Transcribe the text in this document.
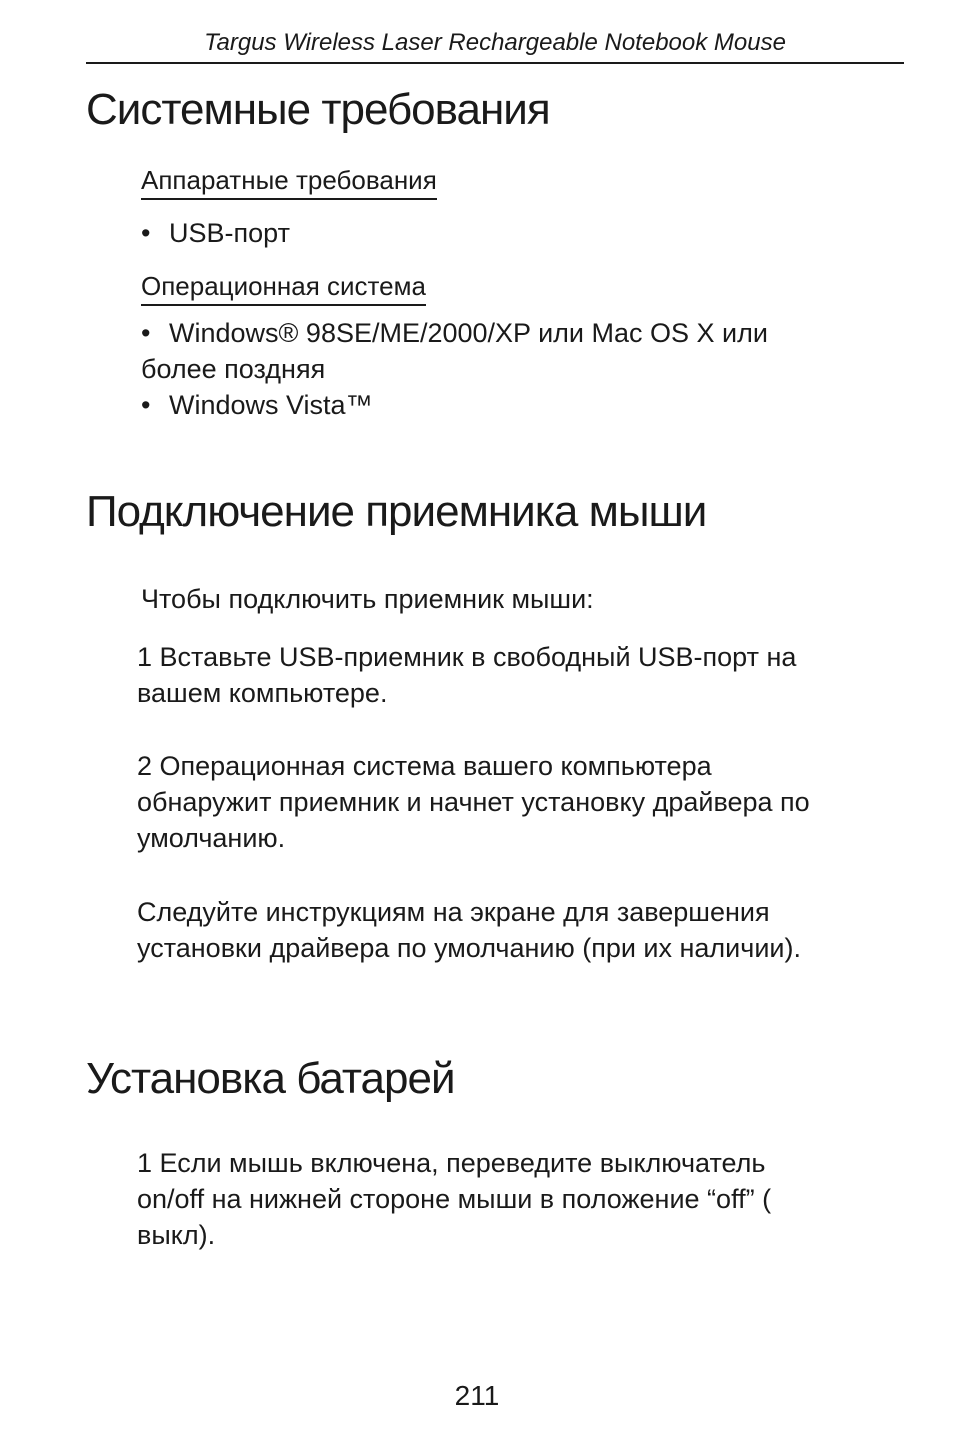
Targus Wireless Laser Rechargeable Notebook Mouse
Системные требования
Аппаратные требования
• USB-порт
Операционная система
• Windows® 98SE/ME/2000/XP или Mac OS X или
более поздняя
• Windows Vista™
Подключение приемника мыши
Чтобы подключить приемник мыши:
1 Вставьте USB-приемник в свободный USB-порт на
вашем компьютере.
2 Операционная система вашего компьютера
обнаружит приемник и начнет установку драйвера по
умолчанию.
Следуйте инструкциям на экране для завершения
установки драйвера по умолчанию (при их наличии).
Установка батарей
1 Если мышь включена, переведите выключатель
on/off на нижней стороне мыши в положение “off” (
выкл).
211
